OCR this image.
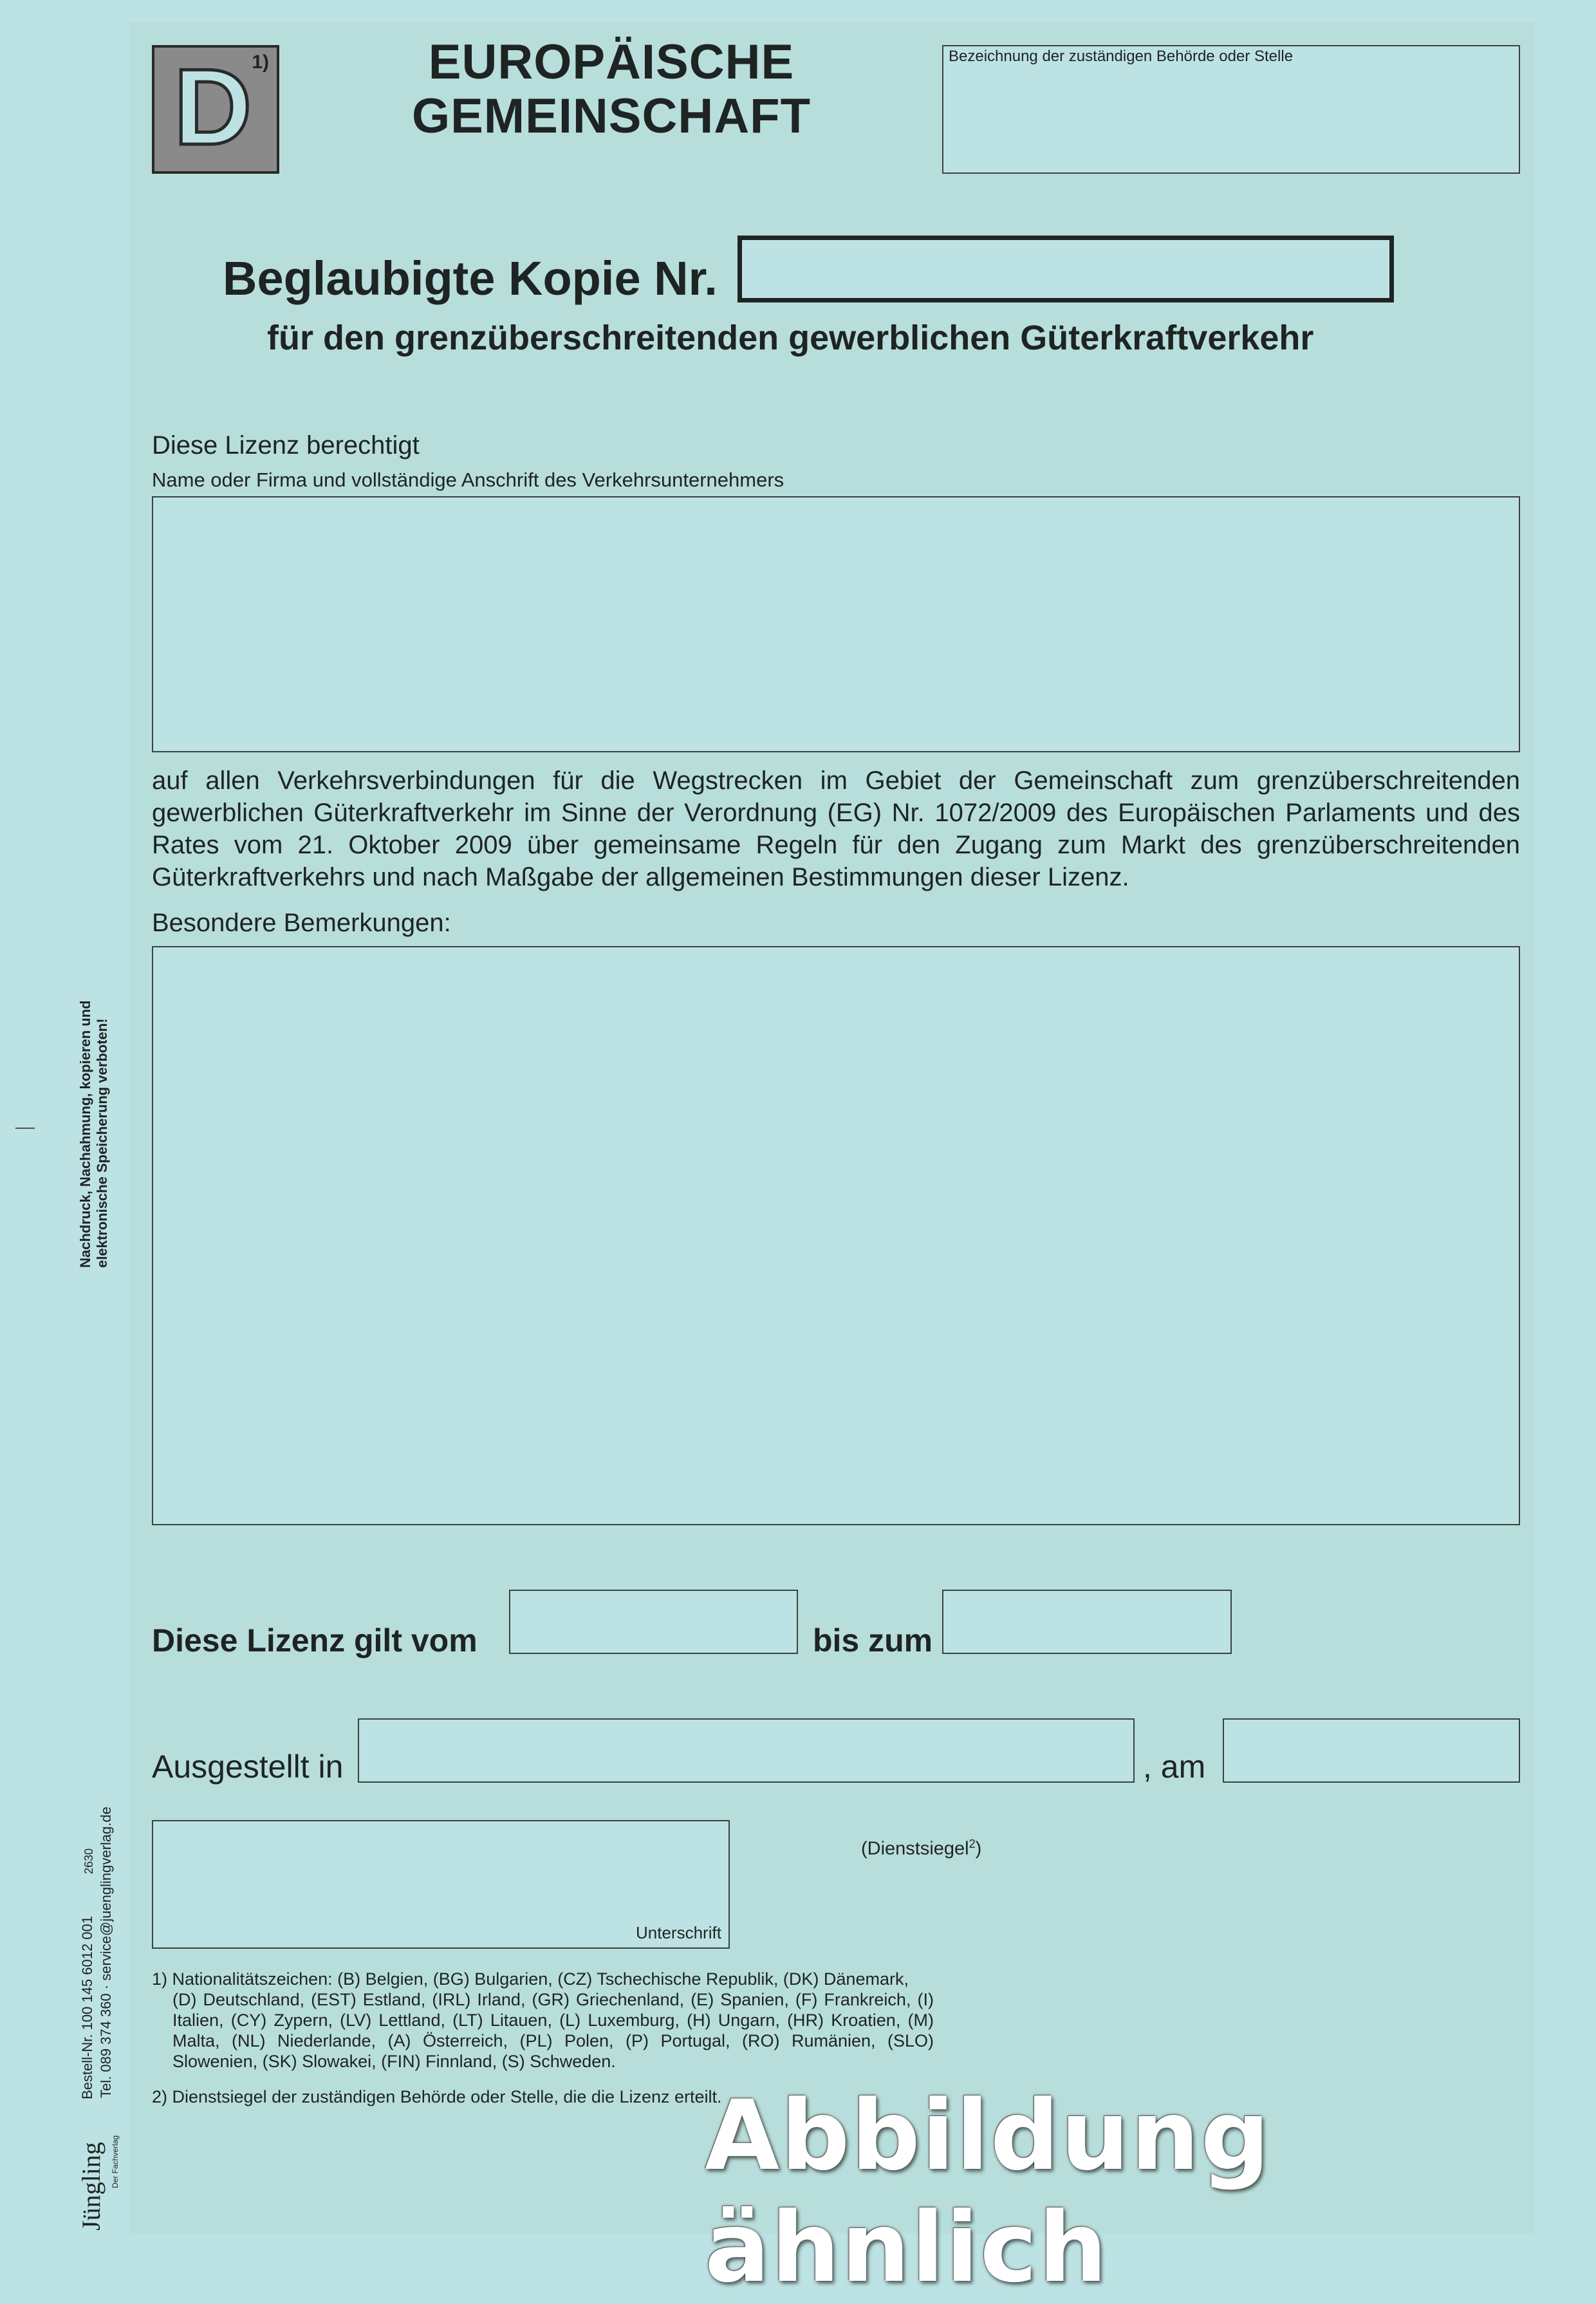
D 1)	EUROPÄISCHE
GEMEINSCHAFT
Bezeichnung der zuständigen Behörde oder Stelle
Beglaubigte Kopie Nr.
für den grenzüberschreitenden gewerblichen Güterkraftverkehr
Diese Lizenz berechtigt
Name oder Firma und vollständige Anschrift des Verkehrsunternehmers
auf allen Verkehrsverbindungen für die Wegstrecken im Gebiet der Gemeinschaft zum grenzüberschreitenden gewerblichen Güterkraftverkehr im Sinne der Verordnung (EG) Nr. 1072/2009 des Europäischen Parlaments und des Rates vom 21. Oktober 2009 über gemeinsame Regeln für den Zugang zum Markt des grenzüberschreitenden Güterkraftverkehrs und nach Maßgabe der allgemeinen Bestimmungen dieser Lizenz.
Besondere Bemerkungen:
Diese Lizenz gilt vom	bis zum
Ausgestellt in	, am
Unterschrift
(Dienstsiegel$^2$)
1) Nationalitätszeichen: (B) Belgien, (BG) Bulgarien, (CZ) Tschechische Republik, (DK) Dänemark,
(D) Deutschland, (EST) Estland, (IRL) Irland, (GR) Griechenland, (E) Spanien, (F) Frankreich, (I) Italien, (CY) Zypern, (LV) Lettland, (LT) Litauen, (L) Luxemburg, (H) Ungarn, (HR) Kroatien, (M) Malta, (NL) Niederlande, (A) Österreich, (PL) Polen, (P) Portugal, (RO) Rumänien, (SLO) Slowenien, (SK) Slowakei, (FIN) Finnland, (S) Schweden.
2) Dienstsiegel der zuständigen Behörde oder Stelle, die die Lizenz erteilt.
Nachdruck, Nachahmung, kopieren und elektronische Speicherung verboten!
Bestell-Nr. 100 145 6012 001
2630 Tel. 089 374 360 · service@juenglingverlag.de
Jüngling Der Fachverlag	Abbildung ähnlich
